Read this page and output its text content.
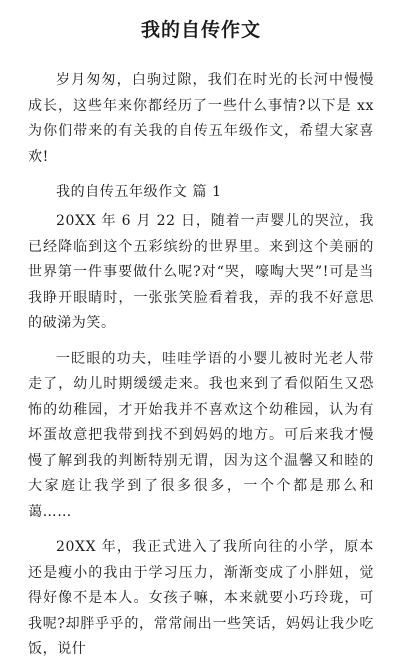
我的自传作文

岁月匆匆，白驹过隙，我们在时光的长河中慢慢成长，这些年来你都经历了一些什么事情?以下是 xx 为你们带来的有关我的自传五年级作文，希望大家喜欢!

我的自传五年级作文 篇 1

20XX 年 6 月 22 日，随着一声婴儿的哭泣，我已经降临到这个五彩缤纷的世界里。来到这个美丽的世界第一件事要做什么呢?对“哭，嚎啕大哭”!可是当我睁开眼睛时，一张张笑脸看着我，弄的我不好意思的破涕为笑。

一眨眼的功夫，哇哇学语的小婴儿被时光老人带走了，幼儿时期缓缓走来。我也来到了看似陌生又恐怖的幼稚园，才开始我并不喜欢这个幼稚园，认为有坏蛋故意把我带到找不到妈妈的地方。可后来我才慢慢了解到我的判断特别无谓，因为这个温馨又和睦的大家庭让我学到了很多很多，一个个都是那么和蔼……

20XX 年，我正式进入了我所向往的小学，原本还是瘦小的我由于学习压力，渐渐变成了小胖妞，觉得好像不是本人。女孩子嘛，本来就要小巧玲珑，可我呢?却胖乎乎的，常常闹出一些笑话，妈妈让我少吃饭，说什
